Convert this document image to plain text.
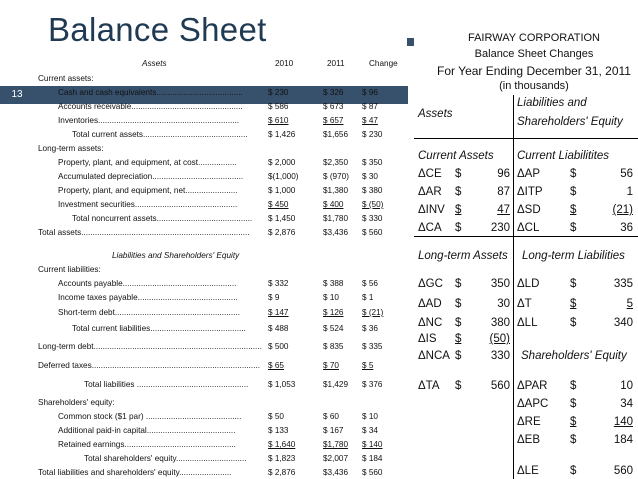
Balance Sheet
13
FAIRWAY CORPORATION
Balance Sheet Changes
For Year Ending December 31, 2011
(in thousands)
Assets	2010	2011	Change
Current assets:
Cash and cash equivalents......................................	$ 230	$ 326 $ 96
Accounts receivable.................................................	$ 586	$ 673 $ 87
Inventories..............................................................	$ 610	$ 657 $ 47
Total current assets..............................................	$ 1,426	$1,656 $ 230
Long-term assets:
Property, plant, and equipment, at cost.................	$ 2,000	$2,350 $ 350
Accumulated depreciation........................................	$(1,000)	$ (970) $ 30
Property, plant, and equipment, net.......................	$ 1,000	$1,380 $ 380
Investment securities.............................................	$ 450	$ 400 $ (50)
Total noncurrent assets..........................................	$ 1,450	$1,780 $ 330
Total assets..........................................................................	$ 2,876	$3,436 $ 560
Liabilities and Shareholders' Equity
Current liabilities:
Accounts payable..................................................	$ 332	$ 388 $ 56
Income taxes payable............................................	$ 9	$ 10	$ 1
Short-term debt.......................................................	$ 147	$ 126 $ (21)
Total current liabilities..........................................	$ 488	$ 524 $ 36
Long-term debt.......................................................................... $ 500	$ 835 $ 335
Deferred taxes.......................................................................... $ 65	$ 70	$ 5
Total liabilities .................................................	$ 1,053	$1,429 $ 376
Shareholders' equity:
Common stock ($1 par) ..........................................	$ 50	$ 60	$ 10
Additional paid-in capital.......................................	$ 133	$ 167 $ 34
Retained earnings.................................................	$ 1,640	$1,780 $ 140
Total shareholders' equity...............................	$ 1,823	$2,007 $ 184
Total liabilities and shareholders' equity.......................	$ 2,876	$3,436 $ 560
Assets
Liabilities and
Shareholders' Equity
Current Assets Current Liabilitites
ΔCE $	96 ΔAP	$	56
ΔAR $	87 ΔITP $	1
ΔINV $	47 ΔSD	$	(21)
ΔCA $	230 ΔCL	$	36
Long-term Assets Long-term Liabilities
ΔGC $	350 ΔLD	$	335
ΔAD $	30 ΔT	$	5
ΔNC $	380 ΔLL	$	340
ΔIS $	(50)
ΔNCA $	330 Shareholders' Equity
ΔTA $	560 ΔPAR $	10
ΔAPC $	34
ΔRE	$	140
ΔEB	$	184
ΔLE	$	560
